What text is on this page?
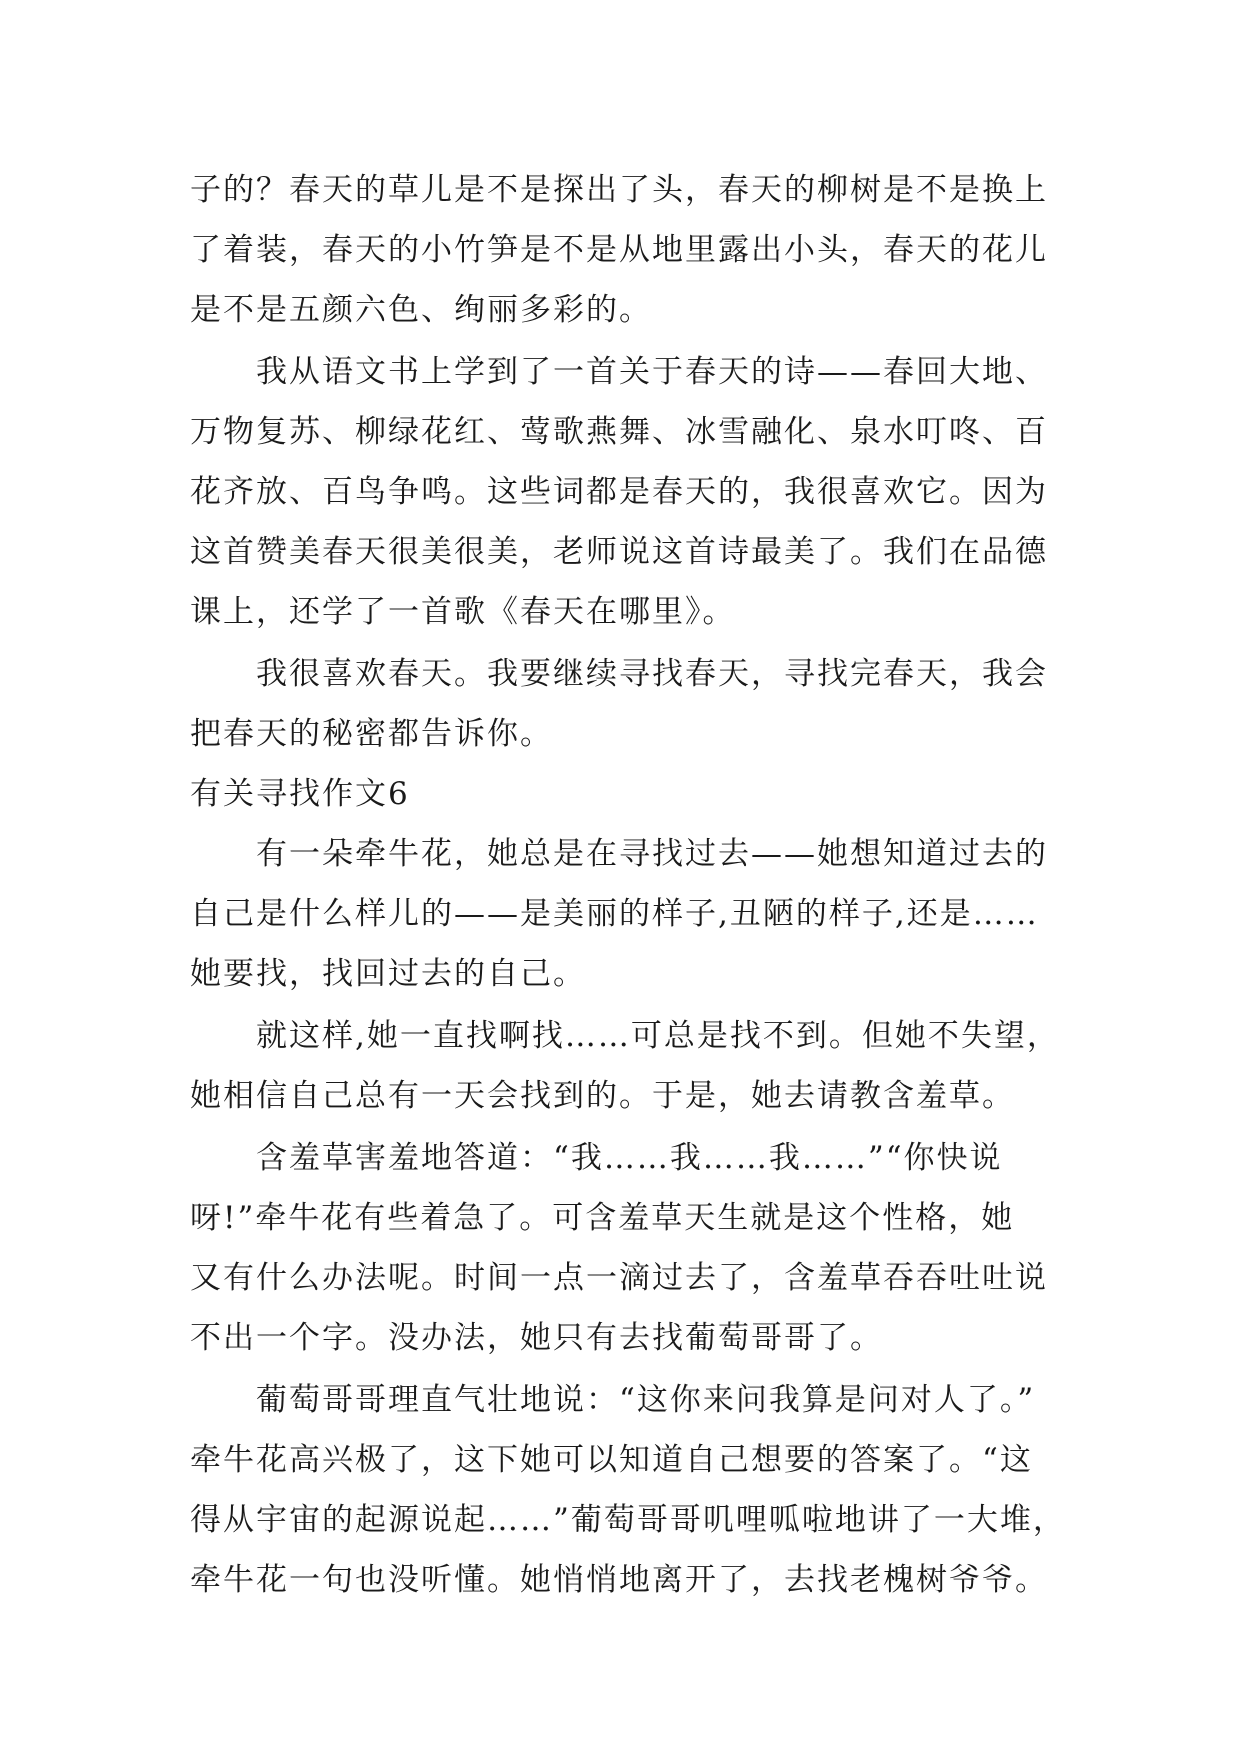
子的？春天的草儿是不是探出了头，春天的柳树是不是换上
了着装，春天的小竹笋是不是从地里露出小头，春天的花儿
是不是五颜六色、绚丽多彩的。
我从语文书上学到了一首关于春天的诗——春回大地、
万物复苏、柳绿花红、莺歌燕舞、冰雪融化、泉水叮咚、百
花齐放、百鸟争鸣。这些词都是春天的，我很喜欢它。因为
这首赞美春天很美很美，老师说这首诗最美了。我们在品德
课上，还学了一首歌《春天在哪里》。
我很喜欢春天。我要继续寻找春天，寻找完春天，我会
把春天的秘密都告诉你。
有关寻找作文6
有一朵牵牛花，她总是在寻找过去——她想知道过去的
自己是什么样儿的——是美丽的样子,丑陋的样子,还是……
她要找，找回过去的自己。
就这样,她一直找啊找……可总是找不到。但她不失望，
她相信自己总有一天会找到的。于是，她去请教含羞草。
含羞草害羞地答道：“我……我……我……”“你快说
呀!”牵牛花有些着急了。可含羞草天生就是这个性格，她
又有什么办法呢。时间一点一滴过去了，含羞草吞吞吐吐说
不出一个字。没办法，她只有去找葡萄哥哥了。
葡萄哥哥理直气壮地说：“这你来问我算是问对人了。”
牵牛花高兴极了，这下她可以知道自己想要的答案了。“这
得从宇宙的起源说起……”葡萄哥哥叽哩呱啦地讲了一大堆，
牵牛花一句也没听懂。她悄悄地离开了，去找老槐树爷爷。
